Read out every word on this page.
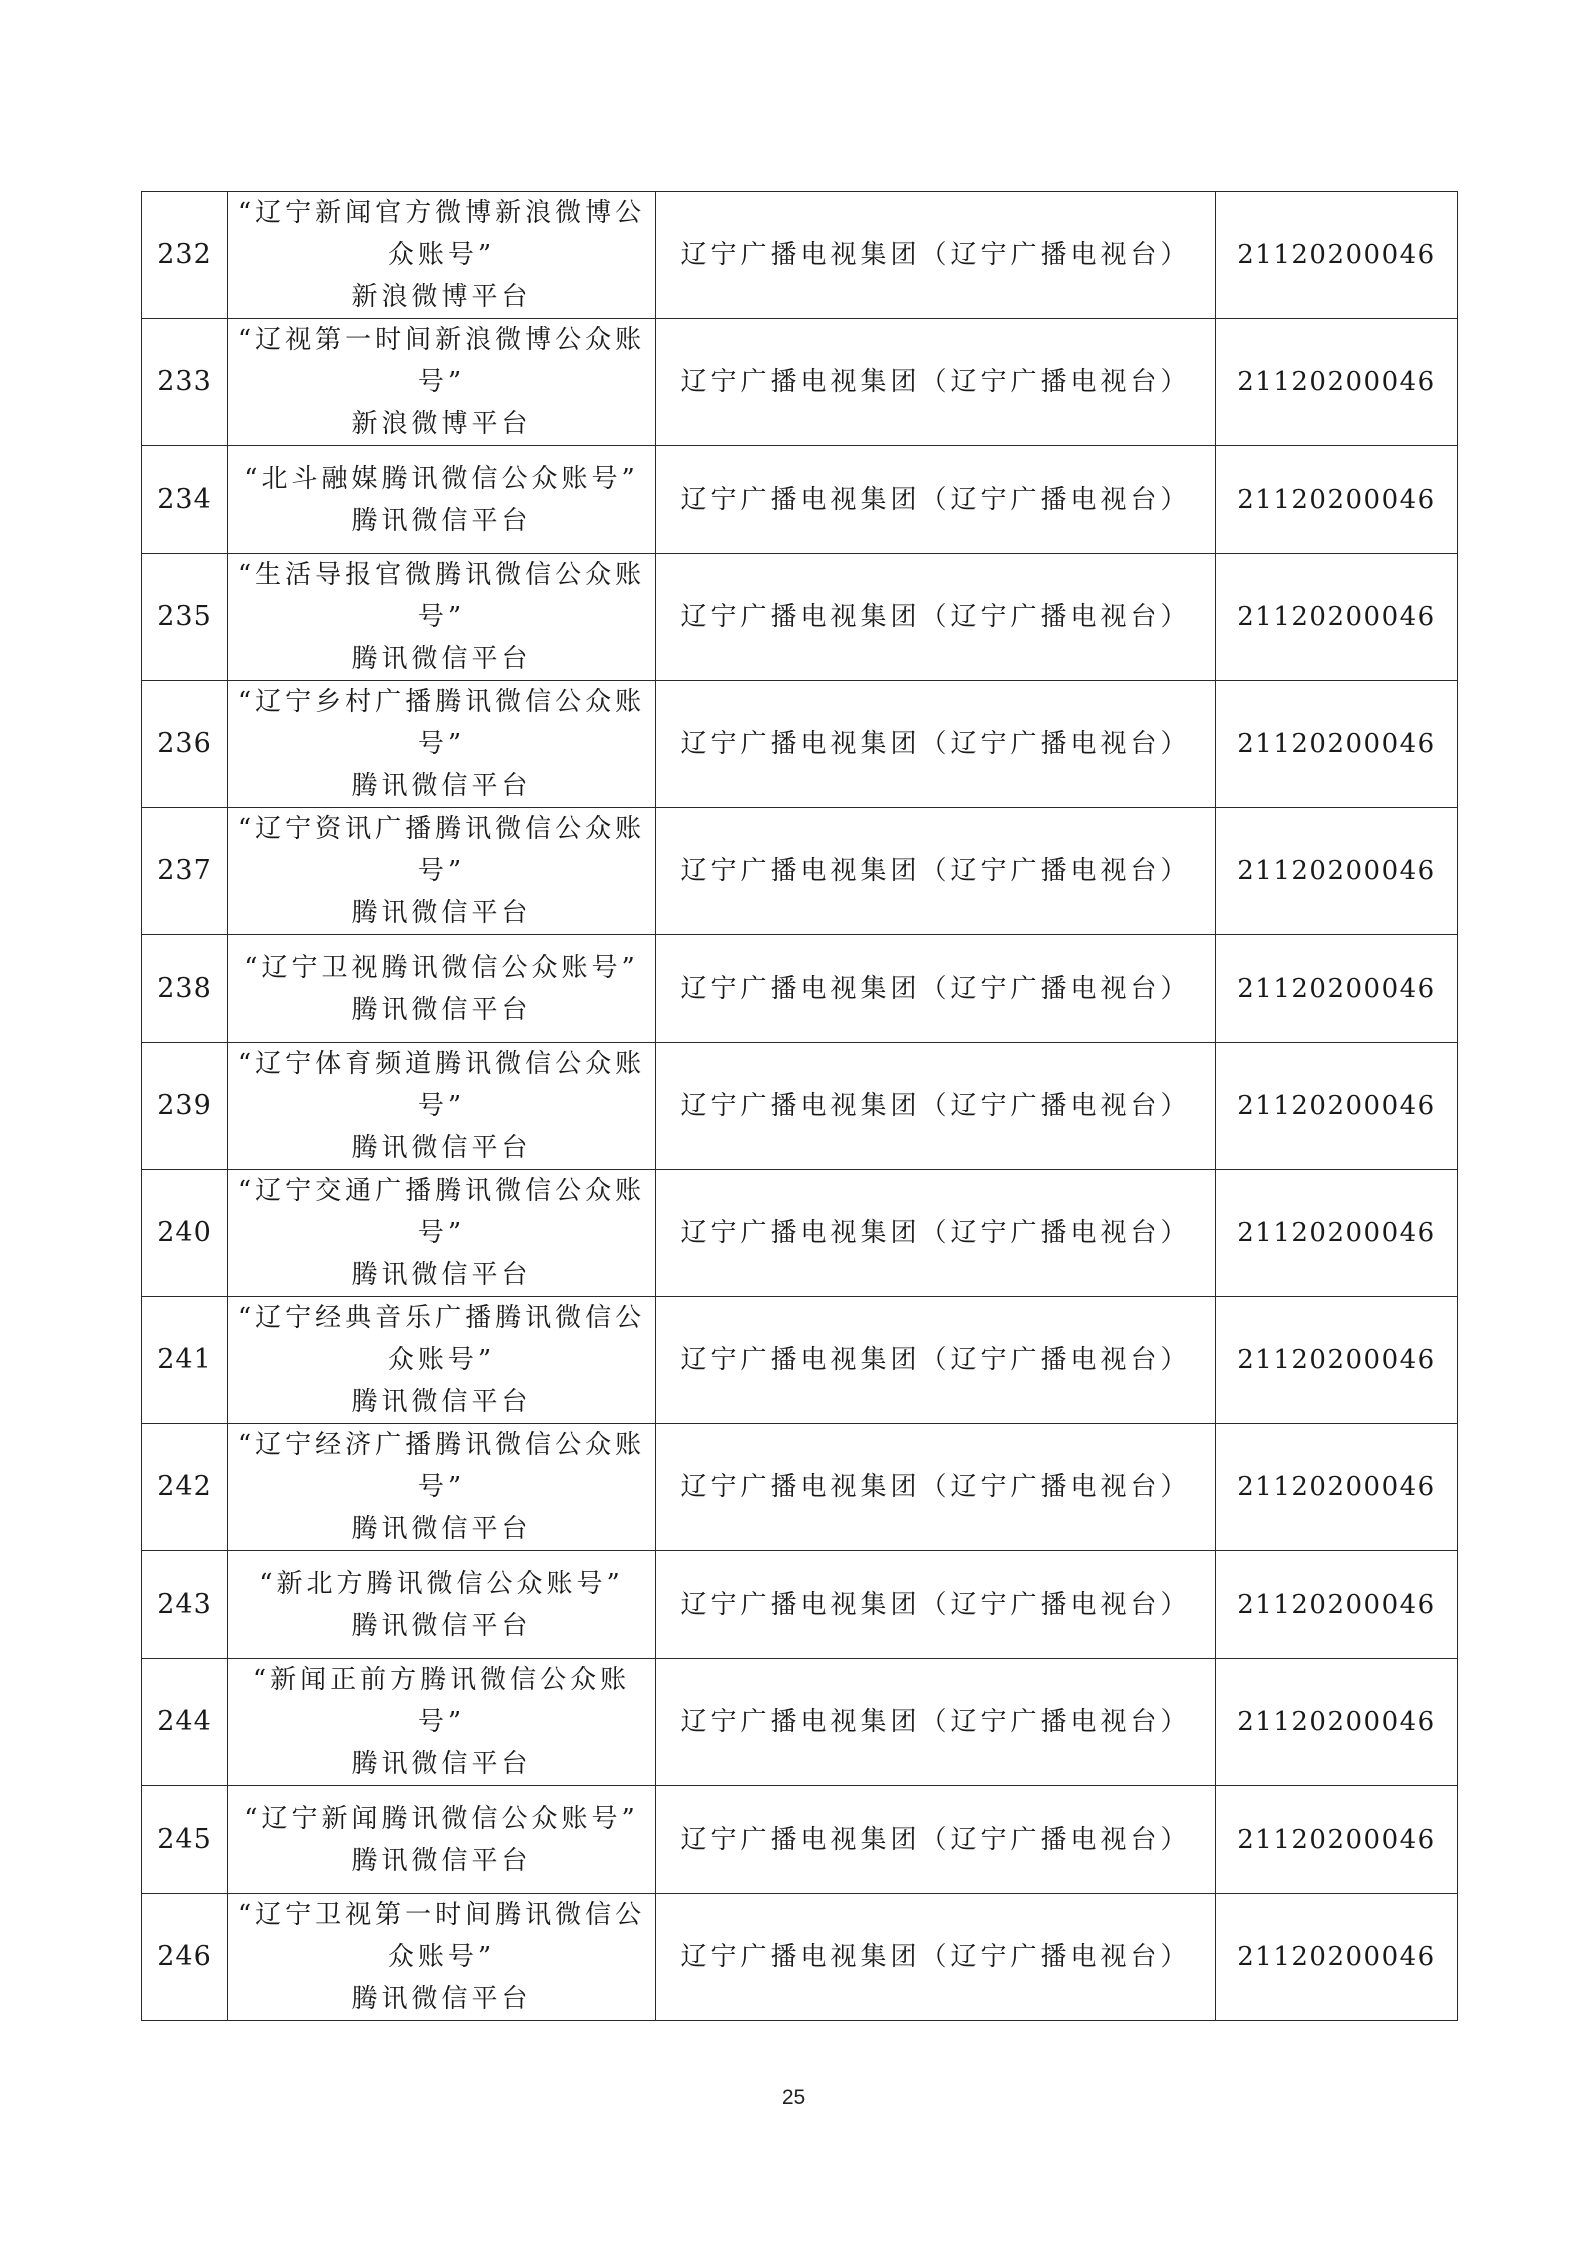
232	“辽宁新闻官方微博新浪微博公
众账号”
新浪微博平台	辽宁广播电视集团（辽宁广播电视台）	21120200046
233	“辽视第一时间新浪微博公众账
号”
新浪微博平台	辽宁广播电视集团（辽宁广播电视台）	21120200046
234	“北斗融媒腾讯微信公众账号”
腾讯微信平台	辽宁广播电视集团（辽宁广播电视台）	21120200046
235	“生活导报官微腾讯微信公众账
号”
腾讯微信平台	辽宁广播电视集团（辽宁广播电视台）	21120200046
236	“辽宁乡村广播腾讯微信公众账
号”
腾讯微信平台	辽宁广播电视集团（辽宁广播电视台）	21120200046
237	“辽宁资讯广播腾讯微信公众账
号”
腾讯微信平台	辽宁广播电视集团（辽宁广播电视台）	21120200046
238	“辽宁卫视腾讯微信公众账号”
腾讯微信平台	辽宁广播电视集团（辽宁广播电视台）	21120200046
239	“辽宁体育频道腾讯微信公众账
号”
腾讯微信平台	辽宁广播电视集团（辽宁广播电视台）	21120200046
240	“辽宁交通广播腾讯微信公众账
号”
腾讯微信平台	辽宁广播电视集团（辽宁广播电视台）	21120200046
241	“辽宁经典音乐广播腾讯微信公
众账号”
腾讯微信平台	辽宁广播电视集团（辽宁广播电视台）	21120200046
242	“辽宁经济广播腾讯微信公众账
号”
腾讯微信平台	辽宁广播电视集团（辽宁广播电视台）	21120200046
243	“新北方腾讯微信公众账号”
腾讯微信平台	辽宁广播电视集团（辽宁广播电视台）	21120200046
244	“新闻正前方腾讯微信公众账
号”
腾讯微信平台	辽宁广播电视集团（辽宁广播电视台）	21120200046
245	“辽宁新闻腾讯微信公众账号”
腾讯微信平台	辽宁广播电视集团（辽宁广播电视台）	21120200046
246	“辽宁卫视第一时间腾讯微信公
众账号”
腾讯微信平台	辽宁广播电视集团（辽宁广播电视台）	21120200046
25
